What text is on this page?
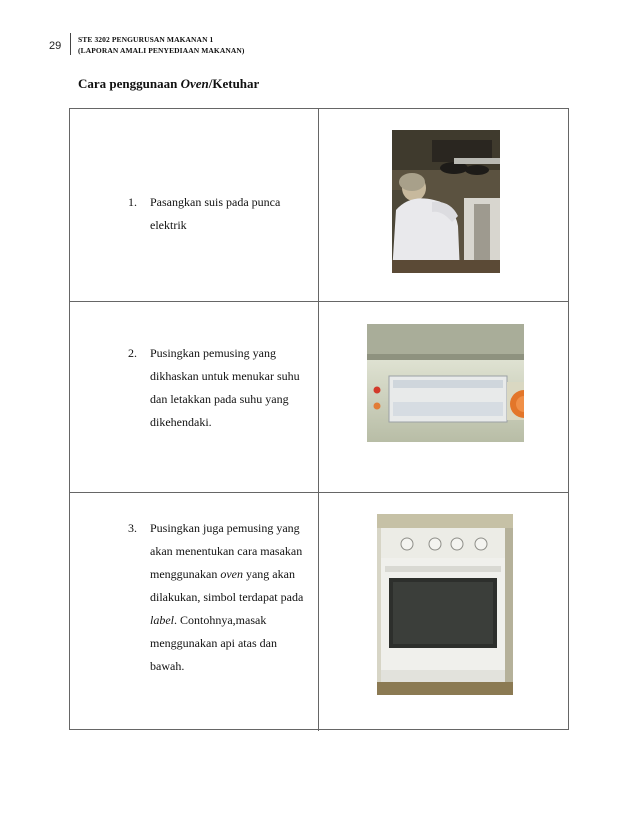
29
STE 3202 PENGURUSAN MAKANAN 1
(LAPORAN AMALI PENYEDIAAN MAKANAN)
Cara penggunaan Oven/Ketuhar
1. Pasangkan suis pada punca elektrik
2. Pusingkan pemusing yang dikhaskan untuk menukar suhu dan letakkan pada suhu yang dikehendaki.
3. Pusingkan juga pemusing yang akan menentukan cara masakan menggunakan oven yang akan dilakukan, simbol terdapat pada label. Contohnya,masak menggunakan api atas dan bawah.
